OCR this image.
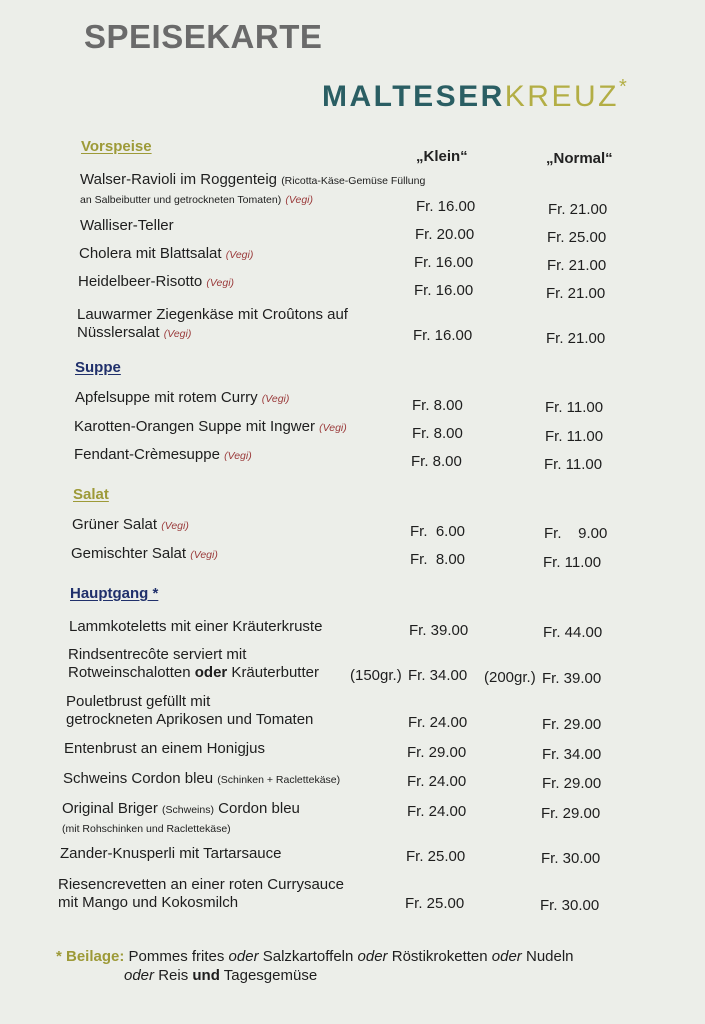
SPEISEKARTE
MALTESERKREUZ*
„Klein“	„Normal“
Vorspeise
Walser-Ravioli im Roggenteig (Ricotta-Käse-Gemüse Füllung
an Salbeibutter und getrockneten Tomaten) (Vegi)	Fr. 16.00	Fr. 21.00
Walliser-Teller
Fr. 20.00	Fr. 25.00
Cholera mit Blattsalat (Vegi)	Fr. 16.00	Fr. 21.00
Heidelbeer-Risotto (Vegi)	Fr. 16.00	Fr. 21.00
Lauwarmer Ziegenkäse mit Croûtons auf
Nüsslersalat (Vegi)	Fr. 16.00	Fr. 21.00
Suppe
Apfelsuppe mit rotem Curry (Vegi)	Fr. 8.00	Fr. 11.00
Karotten-Orangen Suppe mit Ingwer (Vegi)	Fr. 8.00	Fr. 11.00
Fendant-Crèmesuppe (Vegi)	Fr. 8.00	Fr. 11.00
Salat
Grüner Salat (Vegi)	Fr.  6.00	Fr.    9.00
Gemischter Salat (Vegi)	Fr.  8.00	Fr. 11.00
Hauptgang *
Lammkoteletts mit einer Kräuterkruste	Fr. 39.00	Fr. 44.00
Rindsentrecôte serviert mit
Rotweinschalotten oder Kräuterbutter (150gr.) Fr. 34.00 (200gr.) Fr. 39.00
Pouletbrust gefüllt mit
getrockneten Aprikosen und Tomaten	Fr. 24.00	Fr. 29.00
Entenbrust an einem Honigjus	Fr. 29.00	Fr. 34.00
Schweins Cordon bleu (Schinken + Raclettekäse)	Fr. 24.00	Fr. 29.00
Original Briger (Schweins) Cordon bleu
(mit Rohschinken und Raclettekäse)
Fr. 24.00	Fr. 29.00
Zander-Knusperli mit Tartarsauce	Fr. 25.00	Fr. 30.00
Riesencrevetten an einer roten Currysauce
mit Mango und Kokosmilch	Fr. 25.00	Fr. 30.00
* Beilage: Pommes frites oder Salzkartoffeln oder Röstikroketten oder Nudeln
oder Reis und Tagesgemüse
